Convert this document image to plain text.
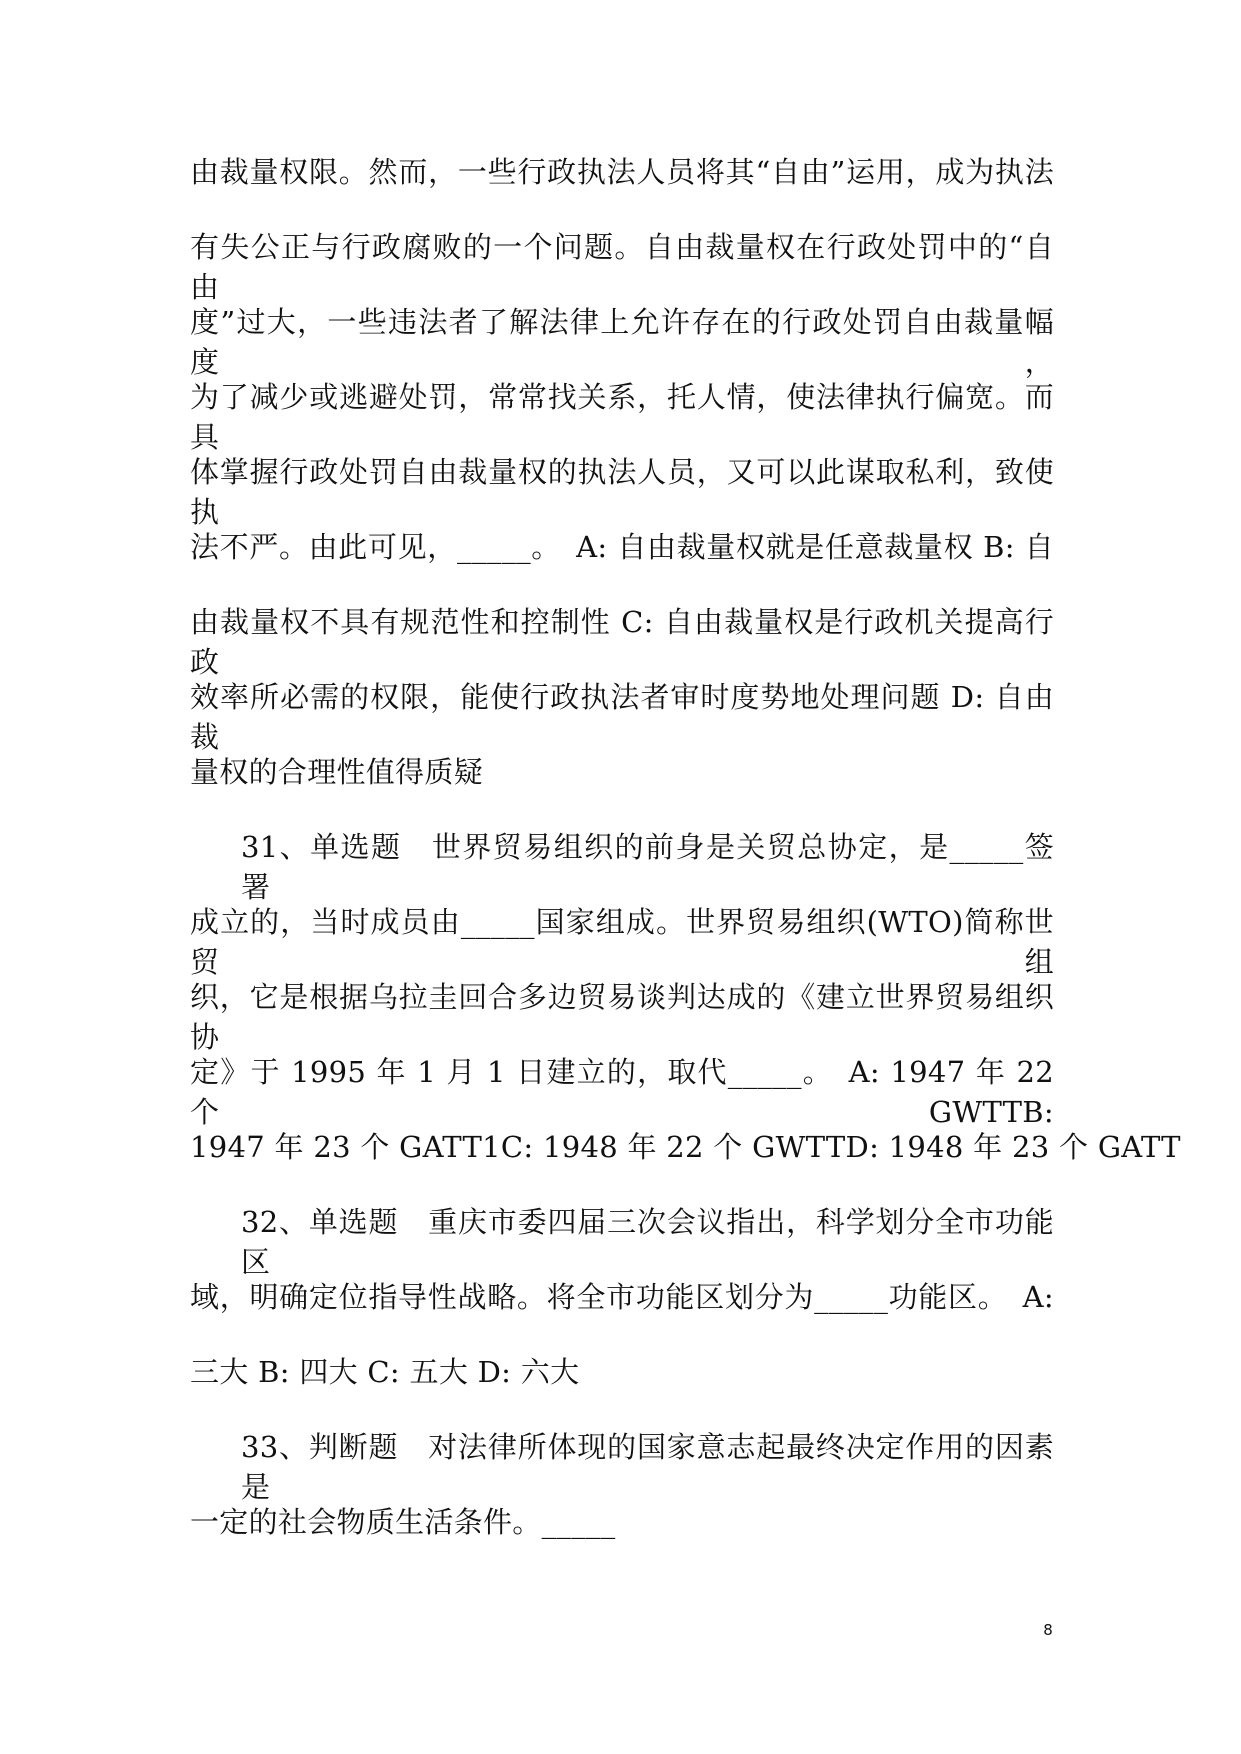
由裁量权限。然而，一些行政执法人员将其“自由”运用，成为执法
有失公正与行政腐败的一个问题。自由裁量权在行政处罚中的“自由
度”过大，一些违法者了解法律上允许存在的行政处罚自由裁量幅度，
为了减少或逃避处罚，常常找关系，托人情，使法律执行偏宽。而具
体掌握行政处罚自由裁量权的执法人员，又可以此谋取私利，致使执
法不严。由此可见，_____。　A: 自由裁量权就是任意裁量权 B: 自
由裁量权不具有规范性和控制性 C: 自由裁量权是行政机关提高行政
效率所必需的权限，能使行政执法者审时度势地处理问题 D: 自由裁
量权的合理性值得质疑
31、单选题　世界贸易组织的前身是关贸总协定，是_____签署
成立的，当时成员由_____国家组成。世界贸易组织(WTO)简称世贸组
织，它是根据乌拉圭回合多边贸易谈判达成的《建立世界贸易组织协
定》于 1995 年 1 月 1 日建立的，取代_____。　A: 1947 年 22 个 GWTTB:
1947 年 23 个 GATT1C: 1948 年 22 个 GWTTD: 1948 年 23 个 GATT
32、单选题　重庆市委四届三次会议指出，科学划分全市功能区
域，明确定位指导性战略。将全市功能区划分为_____功能区。　A:
三大 B: 四大 C: 五大 D: 六大
33、判断题　对法律所体现的国家意志起最终决定作用的因素是
一定的社会物质生活条件。_____
8
